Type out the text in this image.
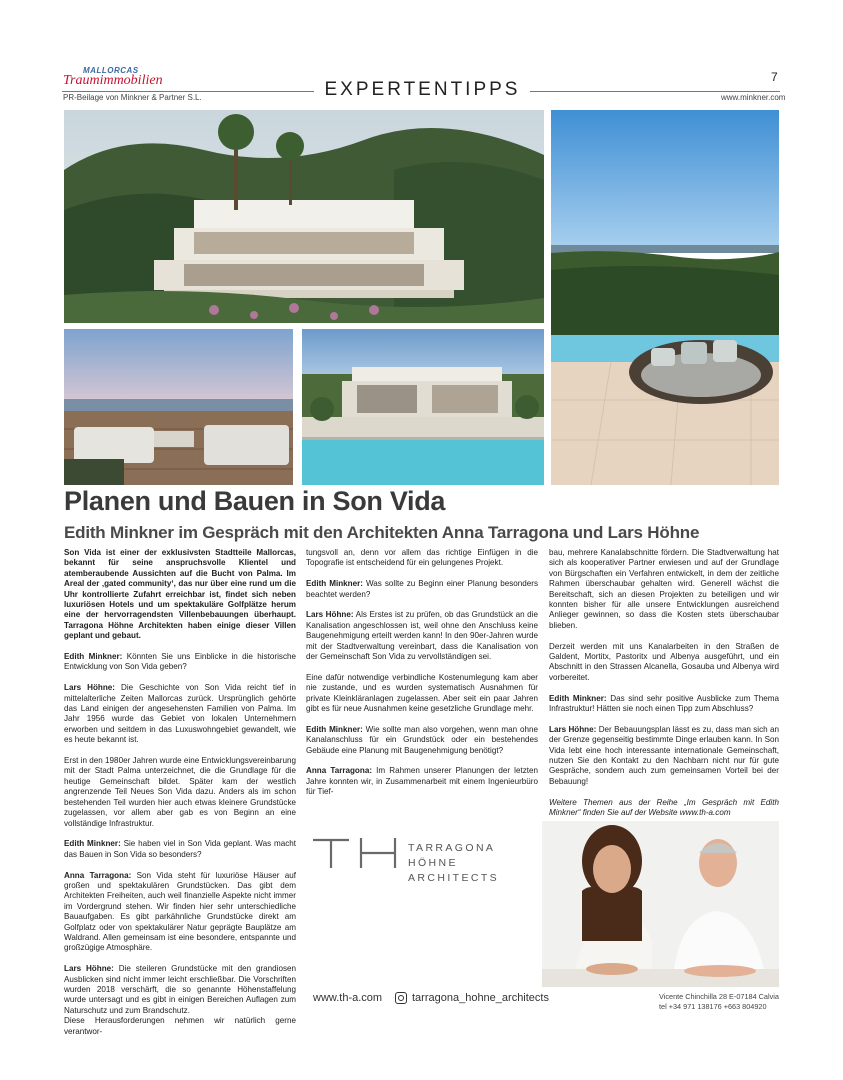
MALLORCAS
Traumimmobilien
PR-Beilage von Minkner & Partner S.L.	EXPERTENTIPPS
7
www.minkner.com
Planen und Bauen in Son Vida
Edith Minkner im Gespräch mit den Architekten Anna Tarragona und Lars Höhne

Son Vida ist einer der exklusivsten Stadtteile Mallorcas, bekannt für seine anspruchsvolle Klientel und atemberaubende Aussichten auf die Bucht von Palma. Im Areal der ‚gated community‘, das nur über eine rund um die Uhr kontrollierte Zufahrt erreichbar ist, findet sich neben luxuriösen Hotels und um spektakuläre Golfplätze herum eine der hervorragendsten Villenbebauungen überhaupt. Tarragona Höhne Architekten haben einige dieser Villen geplant und gebaut.

Edith Minkner: Könnten Sie uns Einblicke in die historische Entwicklung von Son Vida geben?

Lars Höhne: Die Geschichte von Son Vida reicht tief in mittelalterliche Zeiten Mallorcas zurück. Ursprünglich gehörte das Land einigen der angesehensten Familien von Palma. Im Jahr 1956 wurde das Gebiet von lokalen Unternehmern erworben und seitdem in das Luxuswohngebiet gewandelt, wie es heute bekannt ist.

Erst in den 1980er Jahren wurde eine Entwicklungsvereinbarung mit der Stadt Palma unterzeichnet, die die Grundlage für die heutige Gemeinschaft bildet. Später kam der westlich angrenzende Teil Neues Son Vida dazu. Anders als im schon bestehenden Teil wurden hier auch etwas kleinere Grundstücke zugelassen, vor allem aber gab es von Beginn an eine vollständige Infrastruktur.

Edith Minkner: Sie haben viel in Son Vida geplant. Was macht das Bauen in Son Vida so besonders?

Anna Tarragona: Son Vida steht für luxuriöse Häuser auf großen und spektakulären Grundstücken. Das gibt dem Architekten Freiheiten, auch weil finanzielle Aspekte nicht immer im Vordergrund stehen. Wir finden hier sehr unterschiedliche Bauaufgaben. Es gibt parkähnliche Grundstücke direkt am Golfplatz oder von spektakulärer Natur geprägte Bauplätze am Waldrand. Allen gemeinsam ist eine besondere, entspannte und großzügige Atmosphäre.

Lars Höhne: Die steileren Grundstücke mit den grandiosen Ausblicken sind nicht immer leicht erschließbar. Die Vorschriften wurden 2018 verschärft, die so genannte Höhenstaffelung wurde untersagt und es gibt in einigen Bereichen Auflagen zum Naturschutz und zum Brandschutz.

Diese Herausforderungen nehmen wir natürlich gerne verantwor-

tungsvoll an, denn vor allem das richtige Einfügen in die Topografie ist entscheidend für ein gelungenes Projekt.

Edith Minkner: Was sollte zu Beginn einer Planung besonders beachtet werden?

Lars Höhne: Als Erstes ist zu prüfen, ob das Grundstück an die Kanalisation angeschlossen ist, weil ohne den Anschluss keine Baugenehmigung erteilt werden kann! In den 90er-Jahren wurde mit der Stadtverwaltung vereinbart, dass die Kanalisation von der Gemeinschaft Son Vida zu vervollständigen sei.

Eine dafür notwendige verbindliche Kostenumlegung kam aber nie zustande, und es wurden systematisch Ausnahmen für private Kleinkläranlagen zugelassen. Aber seit ein paar Jahren gibt es für neue Ausnahmen keine gesetzliche Grundlage mehr.

Edith Minkner: Wie sollte man also vorgehen, wenn man ohne Kanalanschluss für ein Grundstück oder ein bestehendes Gebäude eine Planung mit Baugenehmigung benötigt?

Anna Tarragona: Im Rahmen unserer Planungen der letzten Jahre konnten wir, in Zusammenarbeit mit einem Ingenieurbüro für Tief-

bau, mehrere Kanalabschnitte fördern. Die Stadtverwaltung hat sich als kooperativer Partner erwiesen und auf der Grundlage von Bürgschaften ein Verfahren entwickelt, in dem der zeitliche Rahmen überschaubar gehalten wird. Generell wächst die Bereitschaft, sich an diesen Projekten zu beteiligen und wir konnten bisher für alle unsere Entwicklungen ausreichend Anlieger gewinnen, so dass die Kosten stets überschaubar blieben.

Derzeit werden mit uns Kanalarbeiten in den Straßen de Galdent, Mortitx, Pastoritx und Albenya ausgeführt, und ein Abschnitt in den Strassen Alcanella, Gosauba und Albenya wird vorbereitet.

Edith Minkner: Das sind sehr positive Ausblicke zum Thema Infrastruktur! Hätten sie noch einen Tipp zum Abschluss?

Lars Höhne: Der Bebauungsplan lässt es zu, dass man sich an der Grenze gegenseitig bestimmte Dinge erlauben kann. In Son Vida lebt eine hoch interessante internationale Gemeinschaft, nutzen Sie den Kontakt zu den Nachbarn nicht nur für gute Gespräche, sondern auch zum gemeinsamen Vorteil bei der Bebauung!

Weitere Themen aus der Reihe „Im Gespräch mit Edith Minkner“ finden Sie auf der Website www.th-a.com

TARRAGONA HÖHNE
ARCHITECTS
www.th-a.com	tarragona_hohne_architects	Vicente Chinchilla 28 E-07184 Calvia
tel +34 971 138176 +663 804920
